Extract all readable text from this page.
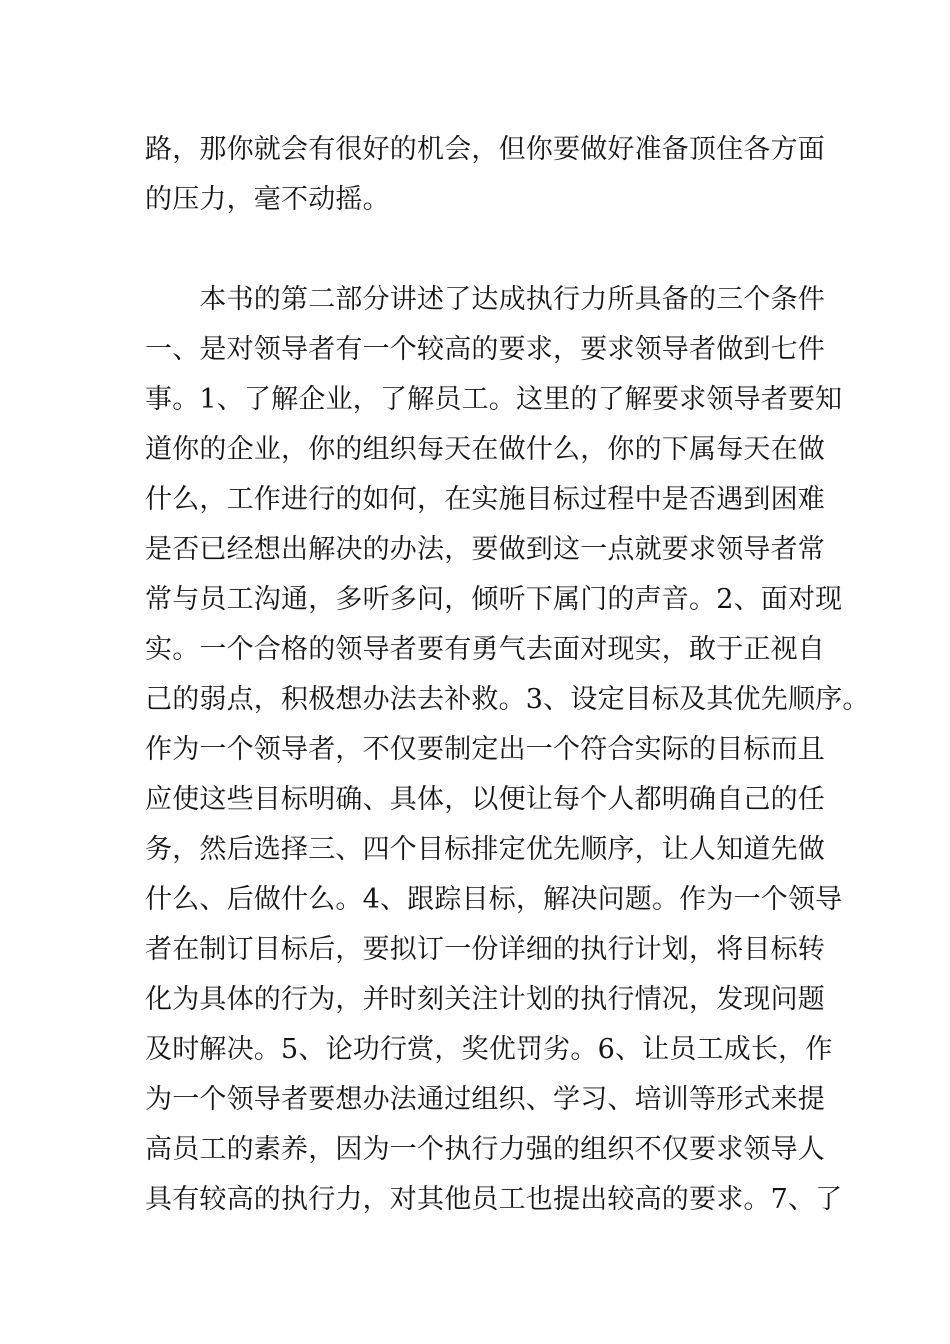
路，那你就会有很好的机会，但你要做好准备顶住各方面
的压力，毫不动摇。
　　本书的第二部分讲述了达成执行力所具备的三个条件
一、是对领导者有一个较高的要求，要求领导者做到七件
事。1、了解企业，了解员工。这里的了解要求领导者要知
道你的企业，你的组织每天在做什么，你的下属每天在做
什么，工作进行的如何，在实施目标过程中是否遇到困难
是否已经想出解决的办法，要做到这一点就要求领导者常
常与员工沟通，多听多问，倾听下属门的声音。2、面对现
实。一个合格的领导者要有勇气去面对现实，敢于正视自
己的弱点，积极想办法去补救。3、设定目标及其优先顺序。
作为一个领导者，不仅要制定出一个符合实际的目标而且
应使这些目标明确、具体，以便让每个人都明确自己的任
务，然后选择三、四个目标排定优先顺序，让人知道先做
什么、后做什么。4、跟踪目标，解决问题。作为一个领导
者在制订目标后，要拟订一份详细的执行计划，将目标转
化为具体的行为，并时刻关注计划的执行情况，发现问题
及时解决。5、论功行赏，奖优罚劣。6、让员工成长，作
为一个领导者要想办法通过组织、学习、培训等形式来提
高员工的素养，因为一个执行力强的组织不仅要求领导人
具有较高的执行力，对其他员工也提出较高的要求。7、了
